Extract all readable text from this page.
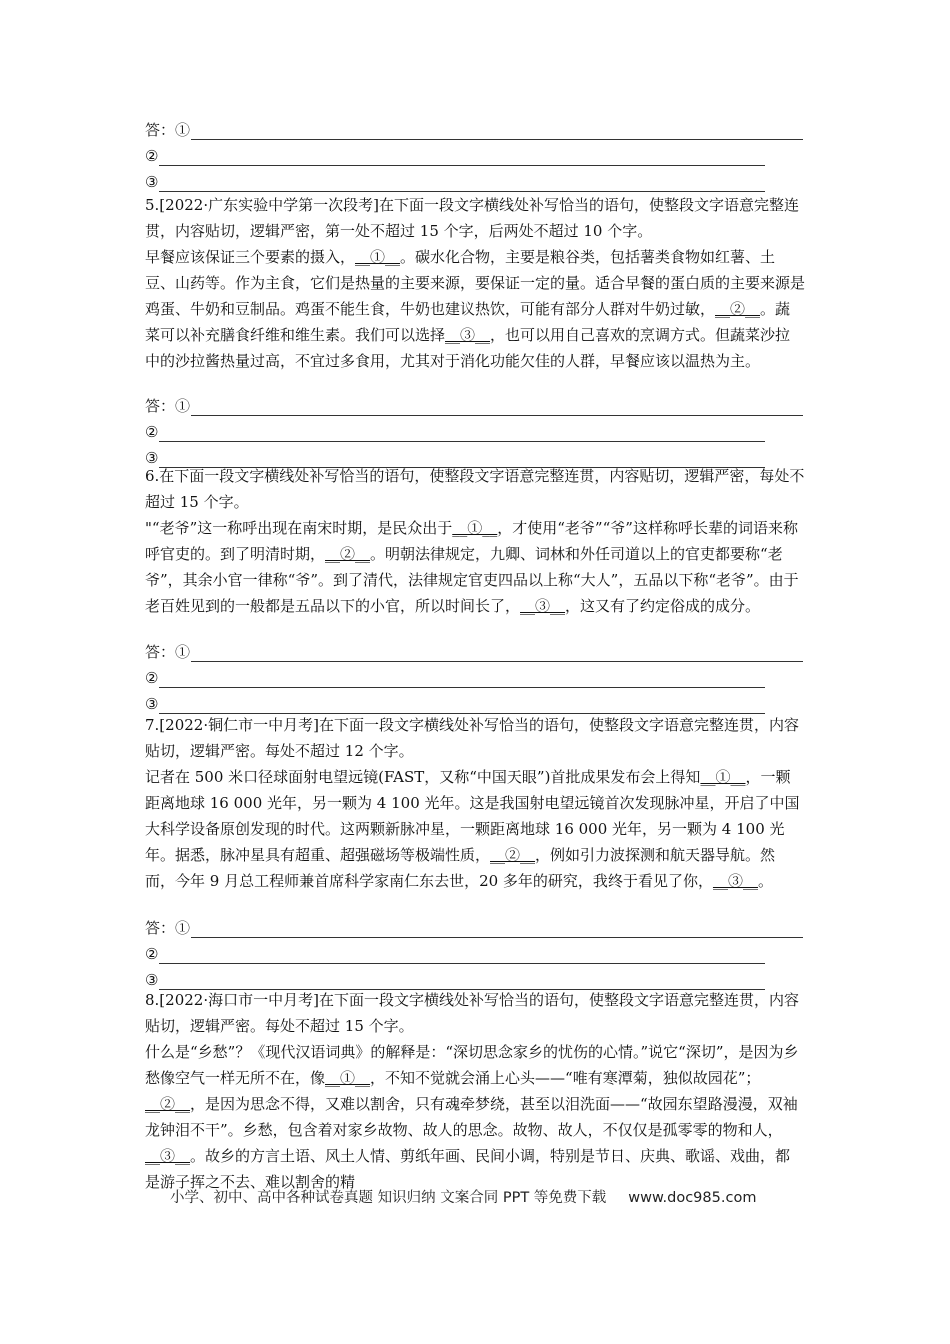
答：①
②
③

5.[2022·广东实验中学第一次段考]在下面一段文字横线处补写恰当的语句，使整段文字语意完整连贯，内容贴切，逻辑严密，第一处不超过 15 个字，后两处不超过 10 个字。

早餐应该保证三个要素的摄入，__①__。碳水化合物，主要是粮谷类，包括薯类食物如红薯、土豆、山药等。作为主食，它们是热量的主要来源，要保证一定的量。适合早餐的蛋白质的主要来源是鸡蛋、牛奶和豆制品。鸡蛋不能生食，牛奶也建议热饮，可能有部分人群对牛奶过敏，__②__。蔬菜可以补充膳食纤维和维生素。我们可以选择__③__，也可以用自己喜欢的烹调方式。但蔬菜沙拉中的沙拉酱热量过高，不宜过多食用，尤其对于消化功能欠佳的人群，早餐应该以温热为主。

答：①
②
③

6.在下面一段文字横线处补写恰当的语句，使整段文字语意完整连贯，内容贴切，逻辑严密，每处不超过 15 个字。

"“老爷”这一称呼出现在南宋时期，是民众出于__①__，才使用“老爷”“爷”这样称呼长辈的词语来称呼官吏的。到了明清时期，__②__。明朝法律规定，九卿、词林和外任司道以上的官吏都要称“老爷”，其余小官一律称“爷”。到了清代，法律规定官吏四品以上称“大人”，五品以下称“老爷”。由于老百姓见到的一般都是五品以下的小官，所以时间长了，__③__，这又有了约定俗成的成分。

答：①
②
③

7.[2022·铜仁市一中月考]在下面一段文字横线处补写恰当的语句，使整段文字语意完整连贯，内容贴切，逻辑严密。每处不超过 12 个字。

记者在 500 米口径球面射电望远镜(FAST，又称“中国天眼”)首批成果发布会上得知__①__，一颗距离地球 16 000 光年，另一颗为 4 100 光年。这是我国射电望远镜首次发现脉冲星，开启了中国大科学设备原创发现的时代。这两颗新脉冲星，一颗距离地球 16 000 光年，另一颗为 4 100 光年。据悉，脉冲星具有超重、超强磁场等极端性质，__②__，例如引力波探测和航天器导航。然而，今年 9 月总工程师兼首席科学家南仁东去世，20 多年的研究，我终于看见了你，__③__。

答：①
②
③

8.[2022·海口市一中月考]在下面一段文字横线处补写恰当的语句，使整段文字语意完整连贯，内容贴切，逻辑严密。每处不超过 15 个字。

什么是“乡愁”？《现代汉语词典》的解释是：“深切思念家乡的忧伤的心情。”说它“深切”，是因为乡愁像空气一样无所不在，像__①__，不知不觉就会涌上心头——“唯有寒潭菊，独似故园花”；__②__，是因为思念不得，又难以割舍，只有魂牵梦绕，甚至以泪洗面——“故园东望路漫漫，双袖龙钟泪不干”。乡愁，包含着对家乡故物、故人的思念。故物、故人，不仅仅是孤零零的物和人，__③__。故乡的方言土语、风土人情、剪纸年画、民间小调，特别是节日、庆典、歌谣、戏曲，都是游子挥之不去、难以割舍的精

小学、初中、高中各种试卷真题 知识归纳 文案合同 PPT 等免费下载 www.doc985.com
